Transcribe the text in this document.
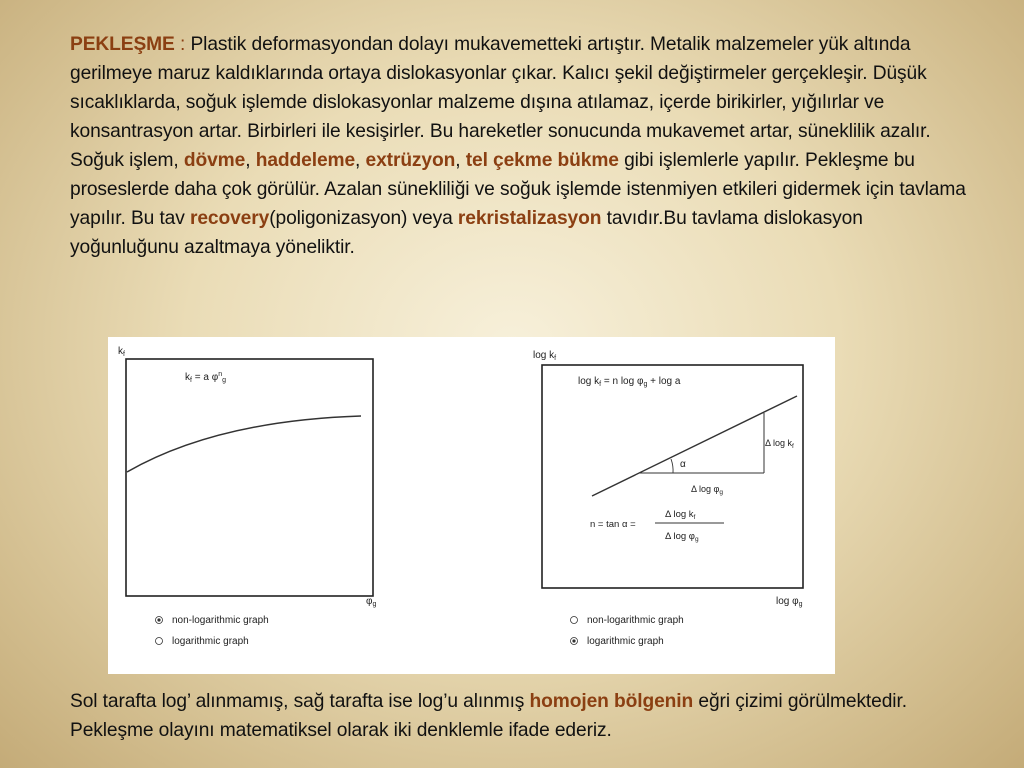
PEKLEŞME : Plastik deformasyondan dolayı mukavemetteki artıştır. Metalik malzemeler yük altında gerilmeye maruz kaldıklarında ortaya dislokasyonlar çıkar. Kalıcı şekil değiştirmeler gerçekleşir. Düşük sıcaklıklarda, soğuk işlemde dislokasyonlar malzeme dışına atılamaz, içerde birikirler, yığılırlar ve konsantrasyon artar. Birbirleri ile kesişirler. Bu hareketler sonucunda mukavemet artar, süneklilik azalır. Soğuk işlem, dövme, haddeleme, extrüzyon, tel çekme bükme gibi işlemlerle yapılır. Pekleşme bu proseslerde daha çok görülür. Azalan sünekliliği ve soğuk işlemde istenmiyen etkileri gidermek için tavlama yapılır. Bu tav recovery(poligonizasyon) veya rekristalizasyon tavıdır.Bu tavlama dislokasyon yoğunluğunu azaltmaya yöneliktir.
$k_f$
$k_f = a$ $\varphi^n_g$
$\varphi_g$
non-logarithmic graph
logarithmic graph
$\log k_f$
$\log k_f = n$ $\log \varphi_g + \log a$
α
Δ $\log k_f$
Δ $\log \varphi_g$
n = tan α =
Δ $\log k_f$
Δ $\log \varphi_g$
$\log \varphi_g$
non-logarithmic graph
logarithmic graph
Sol tarafta log’ alınmamış, sağ tarafta ise log’u alınmış homojen bölgenin eğri çizimi görülmektedir. Pekleşme olayını matematiksel olarak iki denklemle ifade ederiz.
